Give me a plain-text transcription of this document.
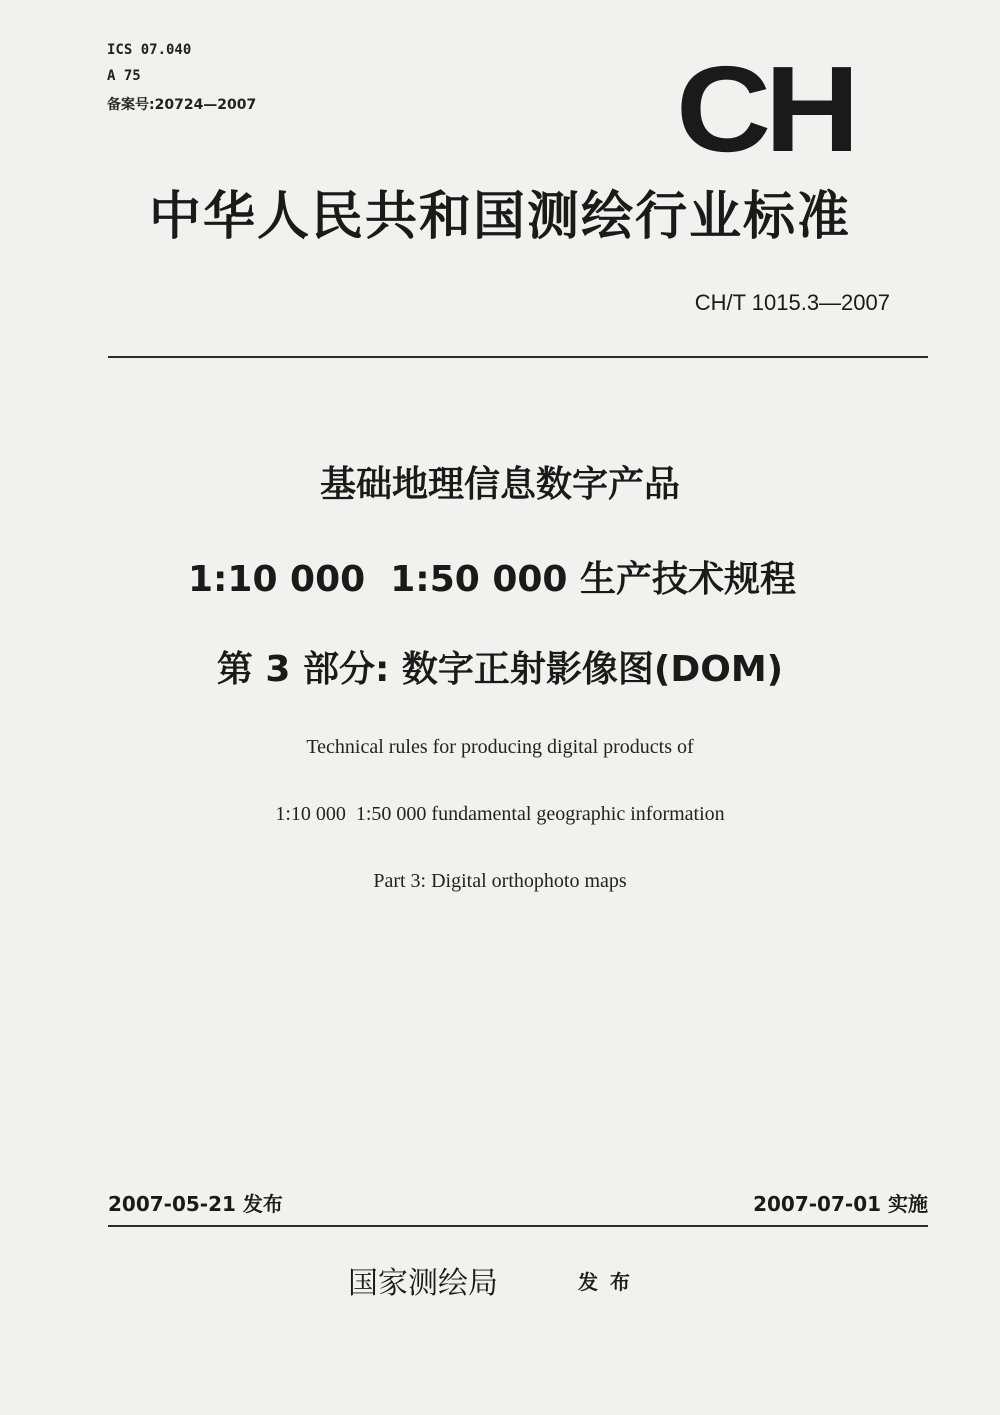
ICS 07.040
A 75
备案号:20724—2007	CH
中华人民共和国测绘行业标准
CH/T 1015.3—2007
基础地理信息数字产品
1:10 000  1:50 000 生产技术规程
第 3 部分: 数字正射影像图(DOM)
Technical rules for producing digital products of
1:10 000  1:50 000 fundamental geographic information
Part 3: Digital orthophoto maps
2007-05-21 发布	2007-07-01 实施
国家测绘局	发布
